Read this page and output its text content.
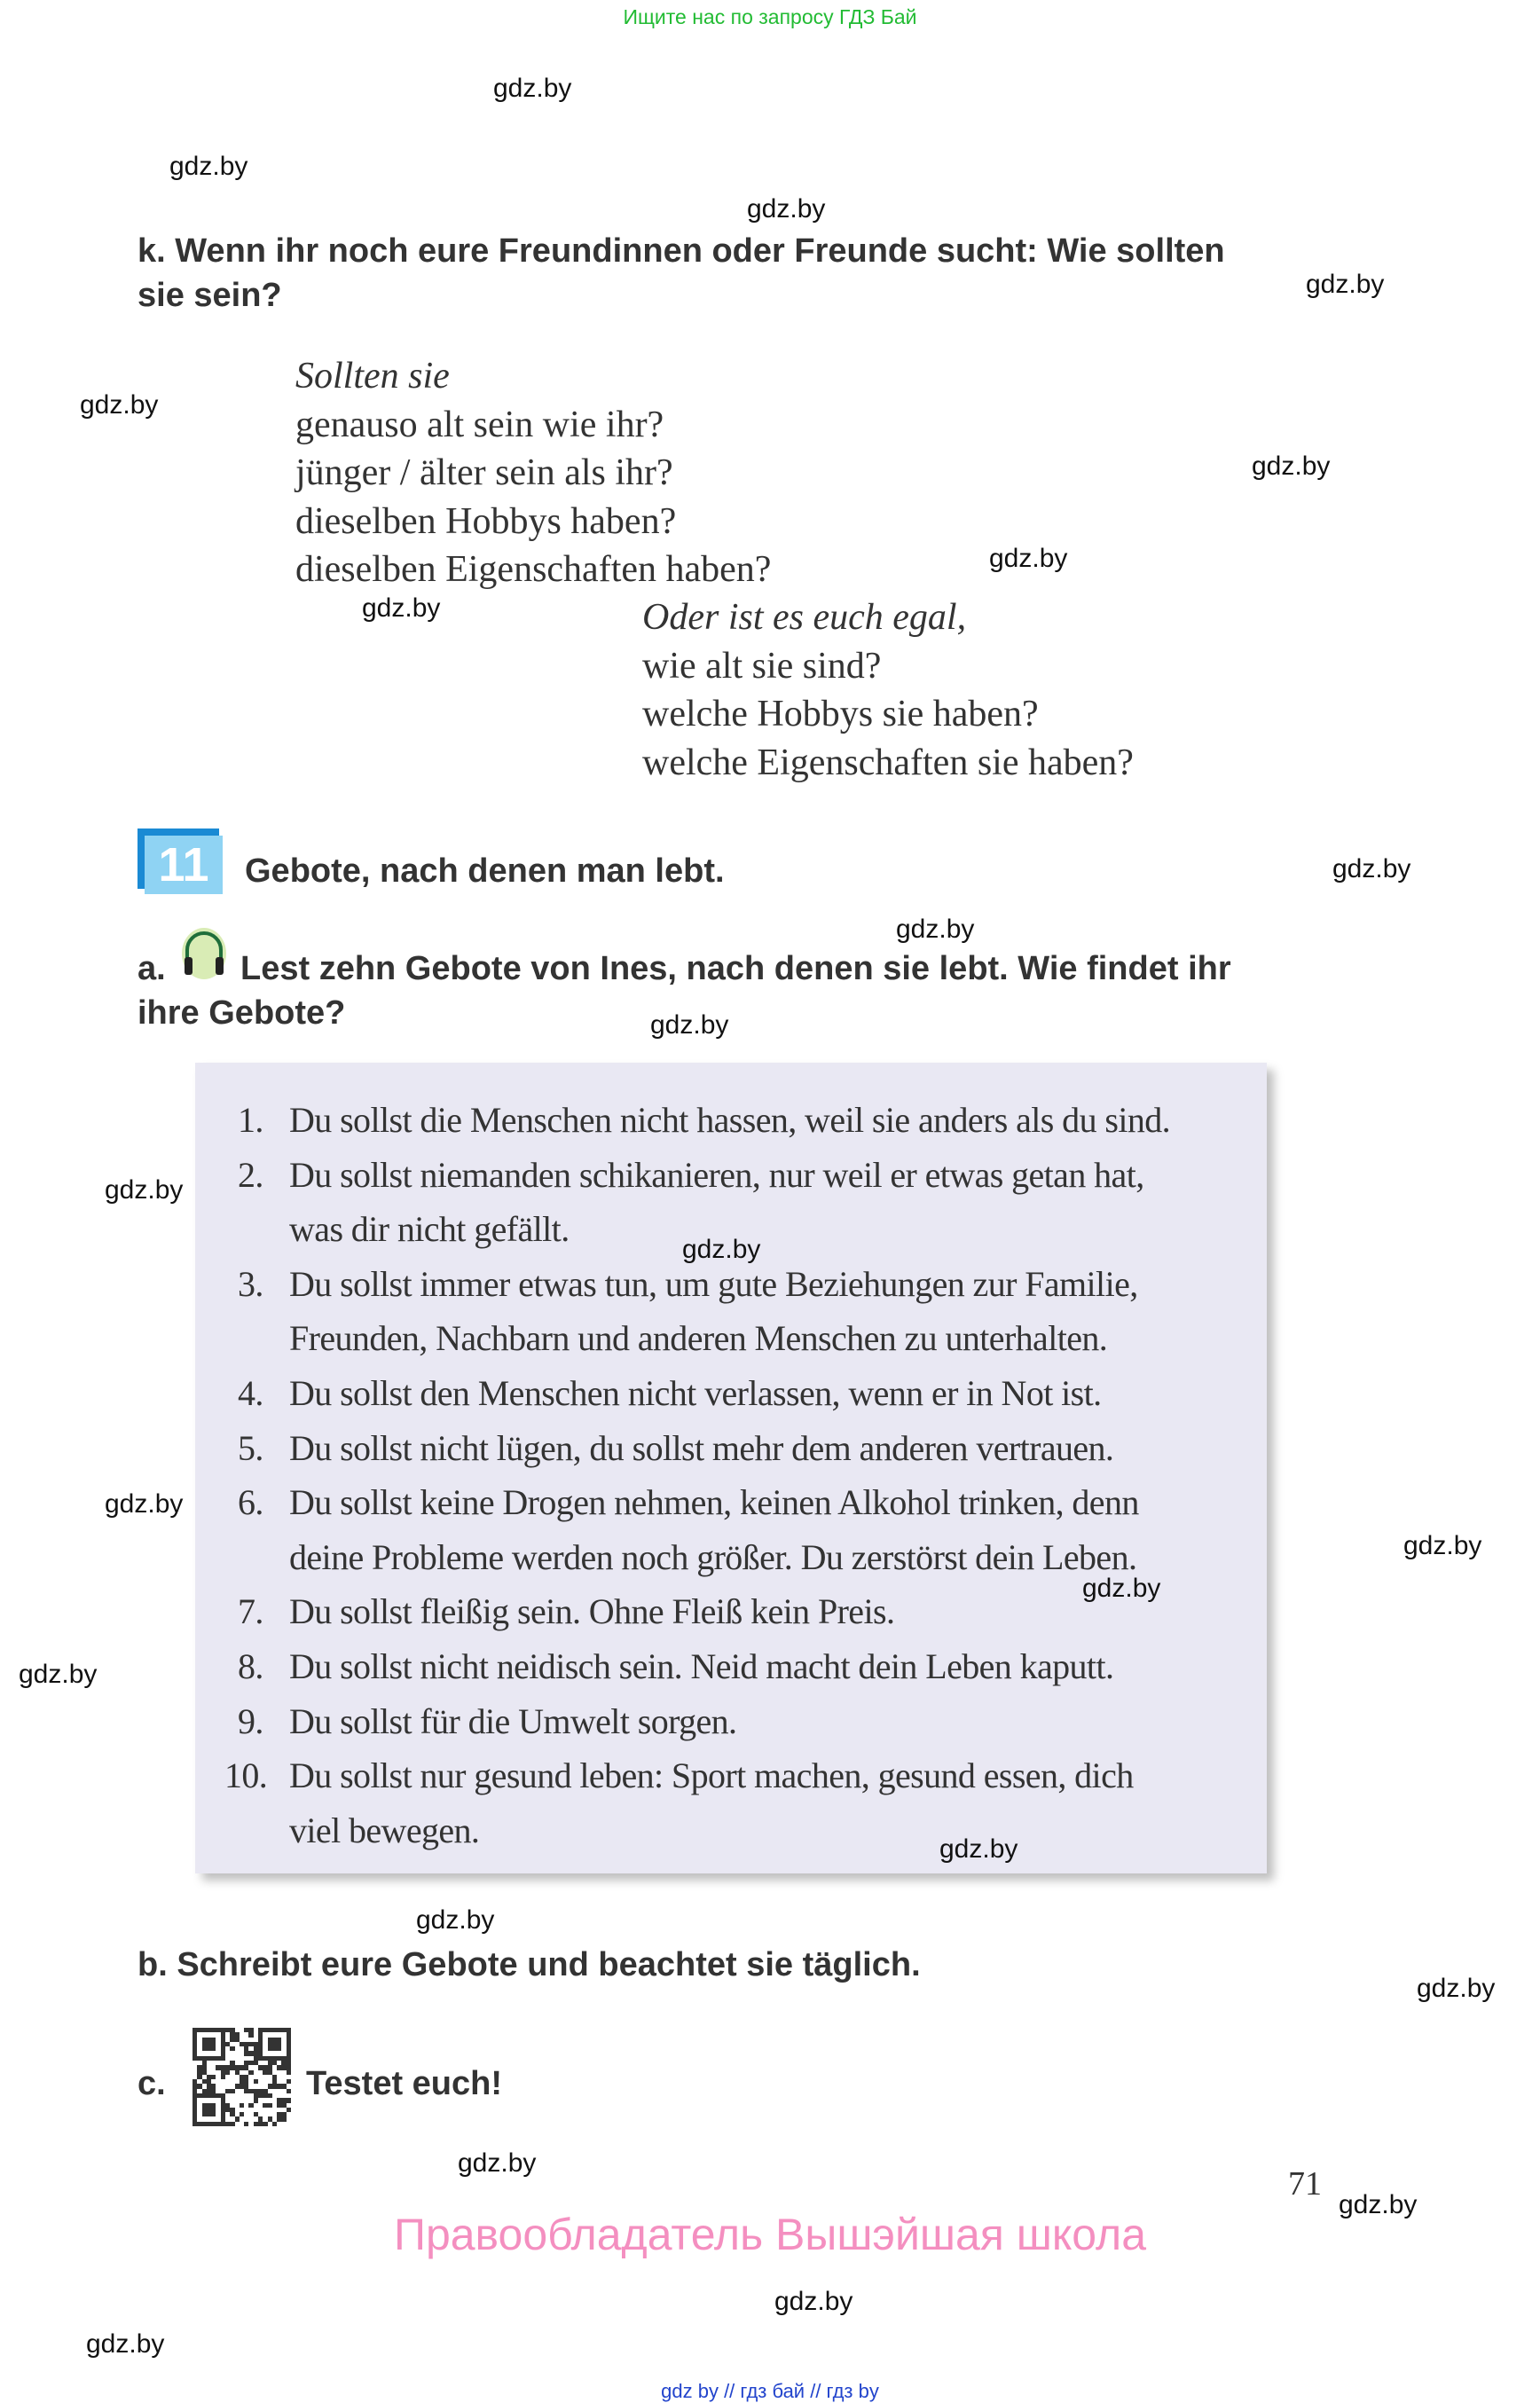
Ищите нас по запросу ГДЗ Бай
k. Wenn ihr noch eure Freundinnen oder Freunde sucht: Wie sollten
sie sein?
Sollten sie
genauso alt sein wie ihr?
jünger / älter sein als ihr?
dieselben Hobbys haben?
dieselben Eigenschaften haben?
Oder ist es euch egal,
wie alt sie sind?
welche Hobbys sie haben?
welche Eigenschaften sie haben?
11	Gebote, nach denen man lebt.
a. Lest zehn Gebote von Ines, nach denen sie lebt. Wie findet ihr
ihre Gebote?
1. Du sollst die Menschen nicht hassen, weil sie anders als du sind.
2. Du sollst niemanden schikanieren, nur weil er etwas getan hat,
was dir nicht gefällt.
3. Du sollst immer etwas tun, um gute Beziehungen zur Familie,
Freunden, Nachbarn und anderen Menschen zu unterhalten.
4. Du sollst den Menschen nicht verlassen, wenn er in Not ist.
5. Du sollst nicht lügen, du sollst mehr dem anderen vertrauen.
6. Du sollst keine Drogen nehmen, keinen Alkohol trinken, denn
deine Probleme werden noch größer. Du zerstörst dein Leben.
7. Du sollst fleißig sein. Ohne Fleiß kein Preis.
8. Du sollst nicht neidisch sein. Neid macht dein Leben kaputt.
9. Du sollst für die Umwelt sorgen.
10. Du sollst nur gesund leben: Sport machen, gesund essen, dich
viel bewegen.
b. Schreibt eure Gebote und beachtet sie täglich.
c.	Testet euch!
71
Правообладатель Вышэйшая школа
gdz by // гдз бай // гдз by
gdz.by
gdz.by
gdz.by
gdz.by
gdz.by
gdz.by
gdz.by
gdz.by
gdz.by
gdz.by
gdz.by
gdz.by
gdz.by
gdz.by
gdz.by
gdz.by
gdz.by
gdz.by
gdz.by
gdz.by
gdz.by
gdz.by
gdz.by
gdz.by
